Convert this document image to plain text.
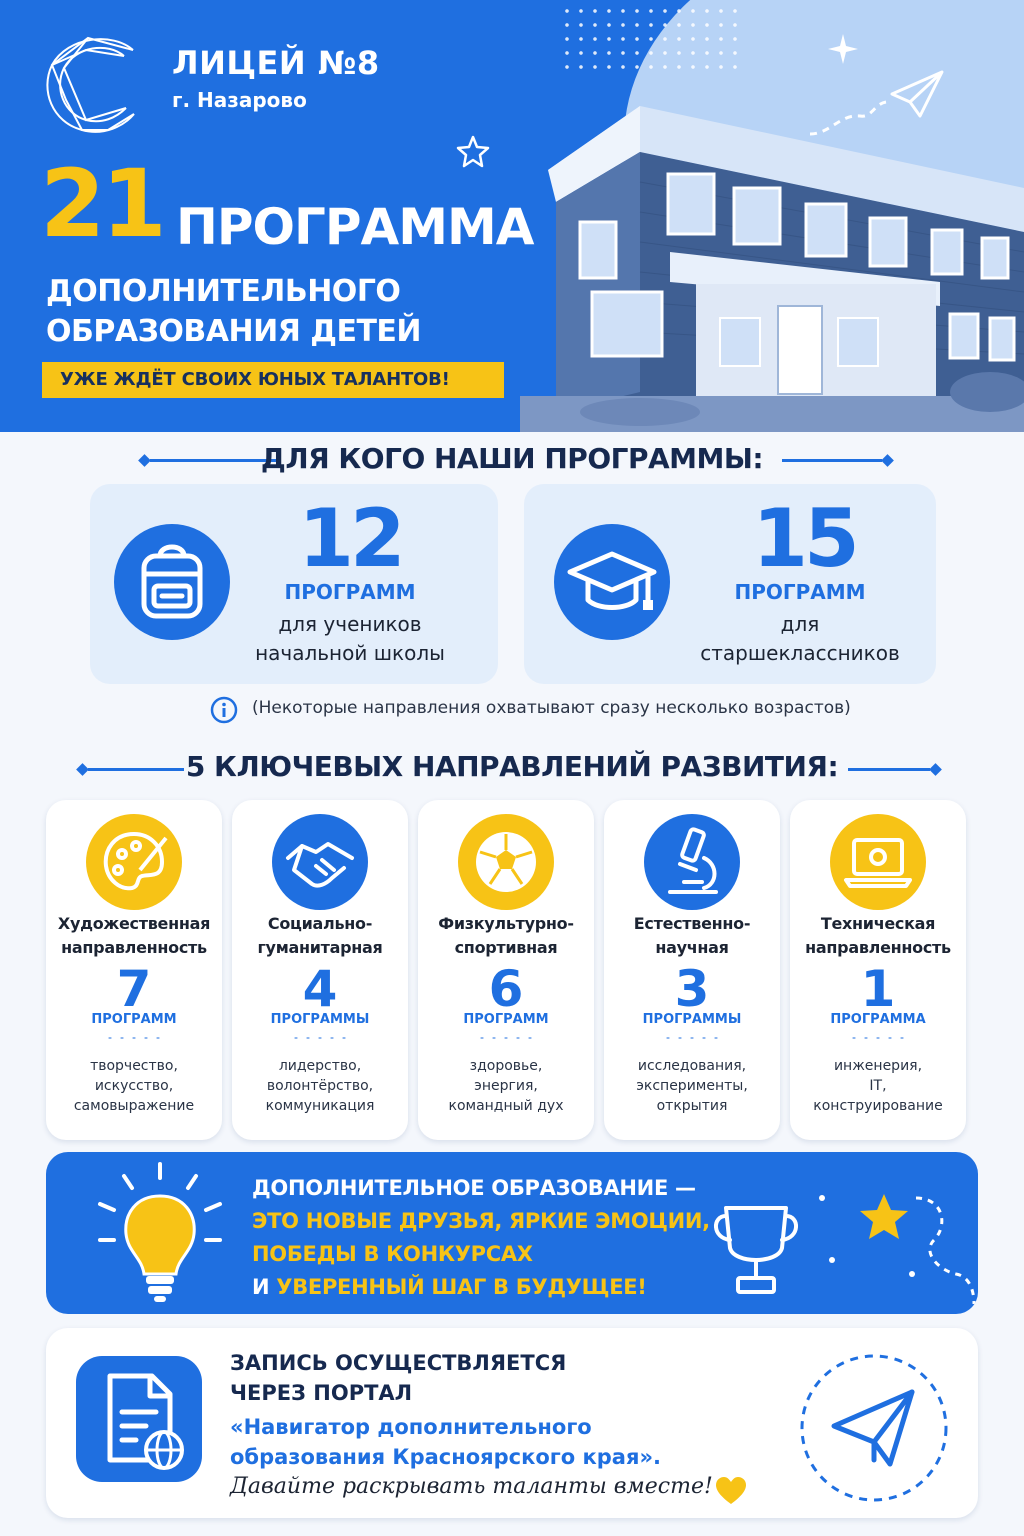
ЛИЦЕЙ №8
г. Назарово
21 ПРОГРАММА
ДОПОЛНИТЕЛЬНОГО
ОБРАЗОВАНИЯ ДЕТЕЙ
УЖЕ ЖДЁТ СВОИХ ЮНЫХ ТАЛАНТОВ!
ДЛЯ КОГО НАШИ ПРОГРАММЫ:
12
ПРОГРАММ
для учеников
начальной школы
15
ПРОГРАММ
для
старшеклассников
(Некоторые направления охватывают сразу несколько возрастов)
5 КЛЮЧЕВЫХ НАПРАВЛЕНИЙ РАЗВИТИЯ:
Художественная
направленность
7
ПРОГРАММ
творчество,
искусство,
самовыражение
Социально-
гуманитарная
4
ПРОГРАММЫ
лидерство,
волонтёрство,
коммуникация
Физкультурно-
спортивная
6
ПРОГРАММ
здоровье,
энергия,
командный дух
Естественно-
научная
3
ПРОГРАММЫ
исследования,
эксперименты,
открытия
Техническая
направленность
1
ПРОГРАММА
инженерия,
IT,
конструирование
ДОПОЛНИТЕЛЬНОЕ ОБРАЗОВАНИЕ —
ЭТО НОВЫЕ ДРУЗЬЯ, ЯРКИЕ ЭМОЦИИ,
ПОБЕДЫ В КОНКУРСАХ
И УВЕРЕННЫЙ ШАГ В БУДУЩЕЕ!
ЗАПИСЬ ОСУЩЕСТВЛЯЕТСЯ
ЧЕРЕЗ ПОРТАЛ
«Навигатор дополнительного
образования Красноярского края».
Давайте раскрывать таланты вместе!
